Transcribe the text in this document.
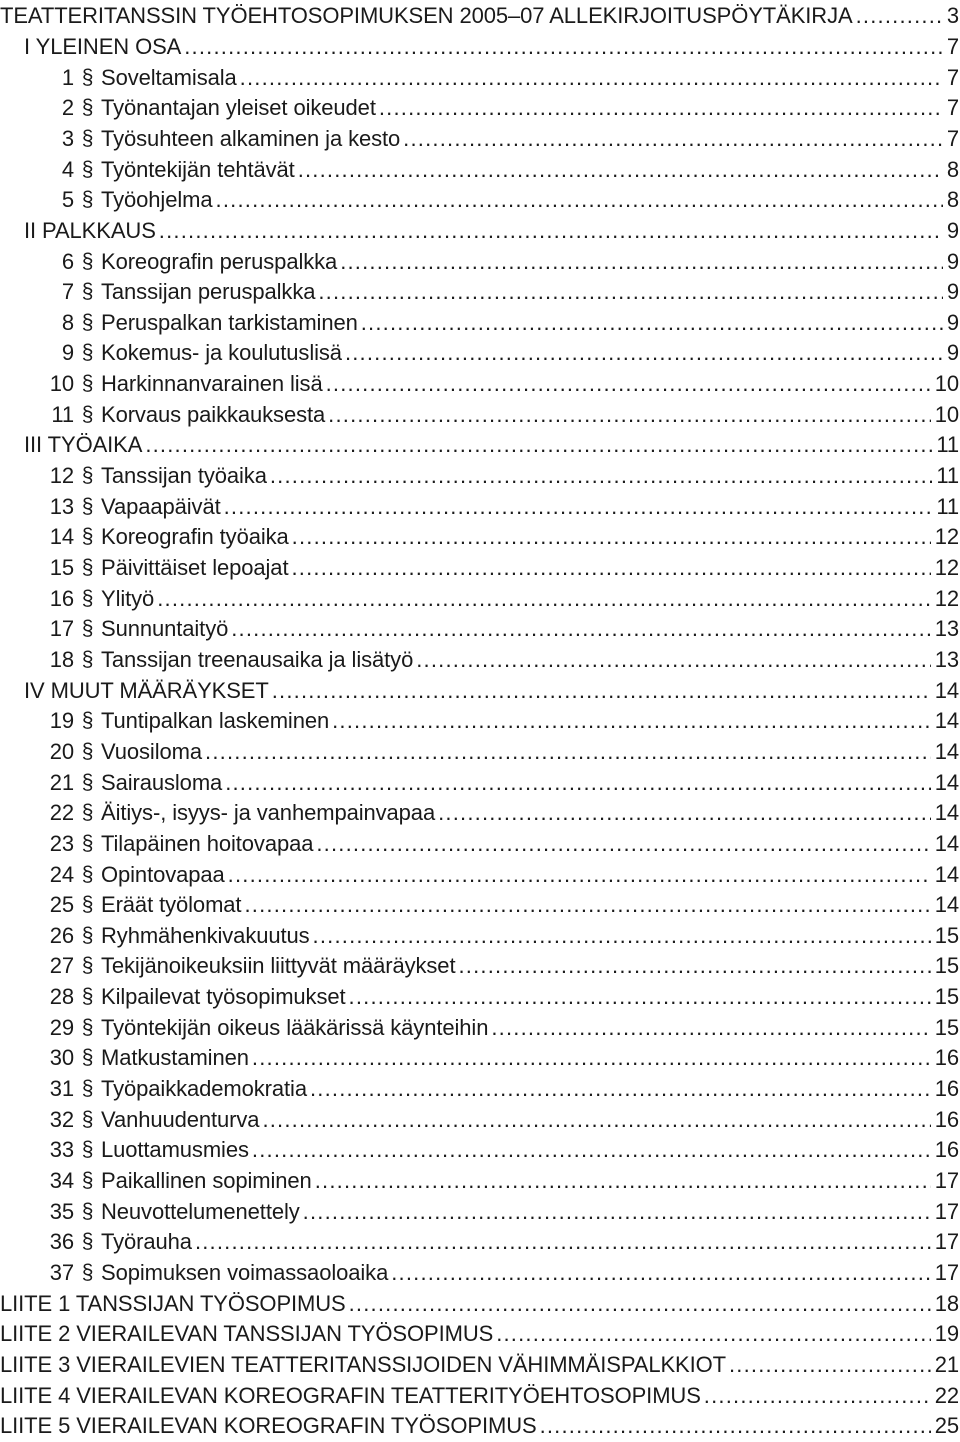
TEATTERITANSSIN TYÖEHTOSOPIMUKSEN 2005–07 ALLEKIRJOITUSPÖYTÄKIRJA .....	3
I YLEINEN OSA .....	7
1 § Soveltamisala .....	7
2 § Työnantajan yleiset oikeudet .....	7
3 § Työsuhteen alkaminen ja kesto .....	7
4 § Työntekijän tehtävät .....	8
5 § Työohjelma .....	8
II PALKKAUS .....	9
6 § Koreografin peruspalkka .....	9
7 § Tanssijan peruspalkka .....	9
8 § Peruspalkan tarkistaminen .....	9
9 § Kokemus- ja koulutuslisä .....	9
10 § Harkinnanvarainen lisä .....	10
11 § Korvaus paikkauksesta .....	10
III TYÖAIKA .....	11
12 § Tanssijan työaika .....	11
13 § Vapaapäivät .....	11
14 § Koreografin työaika .....	12
15 § Päivittäiset lepoajat .....	12
16 § Ylityö .....	12
17 § Sunnuntaityö .....	13
18 § Tanssijan treenausaika ja lisätyö .....	13
IV MUUT MÄÄRÄYKSET .....	14
19 § Tuntipalkan laskeminen .....	14
20 § Vuosiloma .....	14
21 § Sairausloma .....	14
22 § Äitiys-, isyys- ja vanhempainvapaa .....	14
23 § Tilapäinen hoitovapaa .....	14
24 § Opintovapaa .....	14
25 § Eräät työlomat .....	14
26 § Ryhmähenkivakuutus .....	15
27 § Tekijänoikeuksiin liittyvät määräykset .....	15
28 § Kilpailevat työsopimukset .....	15
29 § Työntekijän oikeus lääkärissä käynteihin .....	15
30 § Matkustaminen .....	16
31 § Työpaikkademokratia .....	16
32 § Vanhuudenturva .....	16
33 § Luottamusmies .....	16
34 § Paikallinen sopiminen .....	17
35 § Neuvottelumenettely .....	17
36 § Työrauha .....	17
37 § Sopimuksen voimassaoloaika .....	17
LIITE 1 TANSSIJAN TYÖSOPIMUS .....	18
LIITE 2 VIERAILEVAN TANSSIJAN TYÖSOPIMUS .....	19
LIITE 3 VIERAILEVIEN TEATTERITANSSIJOIDEN VÄHIMMÄISPALKKIOT .....	21
LIITE 4 VIERAILEVAN KOREOGRAFIN TEATTERITYÖEHTOSOPIMUS .....	22
LIITE 5 VIERAILEVAN KOREOGRAFIN TYÖSOPIMUS .....	25
